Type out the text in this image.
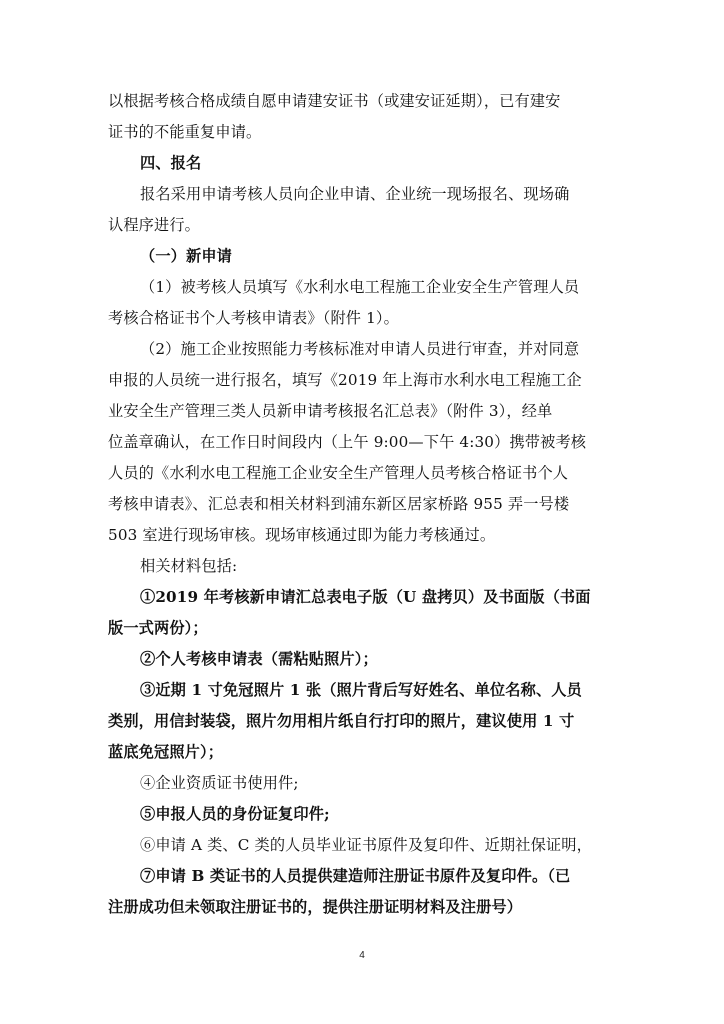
以根据考核合格成绩自愿申请建安证书（或建安证延期），已有建安
证书的不能重复申请。
四、报名
报名采用申请考核人员向企业申请、企业统一现场报名、现场确
认程序进行。
（一）新申请
（1）被考核人员填写《水利水电工程施工企业安全生产管理人员
考核合格证书个人考核申请表》（附件 1）。
（2）施工企业按照能力考核标准对申请人员进行审查，并对同意
申报的人员统一进行报名，填写《2019 年上海市水利水电工程施工企
业安全生产管理三类人员新申请考核报名汇总表》（附件 3），经单
位盖章确认，在工作日时间段内（上午 9:00—下午 4:30）携带被考核
人员的《水利水电工程施工企业安全生产管理人员考核合格证书个人
考核申请表》、汇总表和相关材料到浦东新区居家桥路 955 弄一号楼
503 室进行现场审核。现场审核通过即为能力考核通过。
相关材料包括:
①2019 年考核新申请汇总表电子版（U 盘拷贝）及书面版（书面
版一式两份）；
②个人考核申请表（需粘贴照片）；
③近期 1 寸免冠照片 1 张（照片背后写好姓名、单位名称、人员
类别，用信封装袋，照片勿用相片纸自行打印的照片，建议使用 1 寸
蓝底免冠照片）；
④企业资质证书使用件;
⑤申报人员的身份证复印件;
⑥申请 A 类、C 类的人员毕业证书原件及复印件、近期社保证明，
⑦申请 B 类证书的人员提供建造师注册证书原件及复印件。（已
注册成功但未领取注册证书的，提供注册证明材料及注册号）
4
